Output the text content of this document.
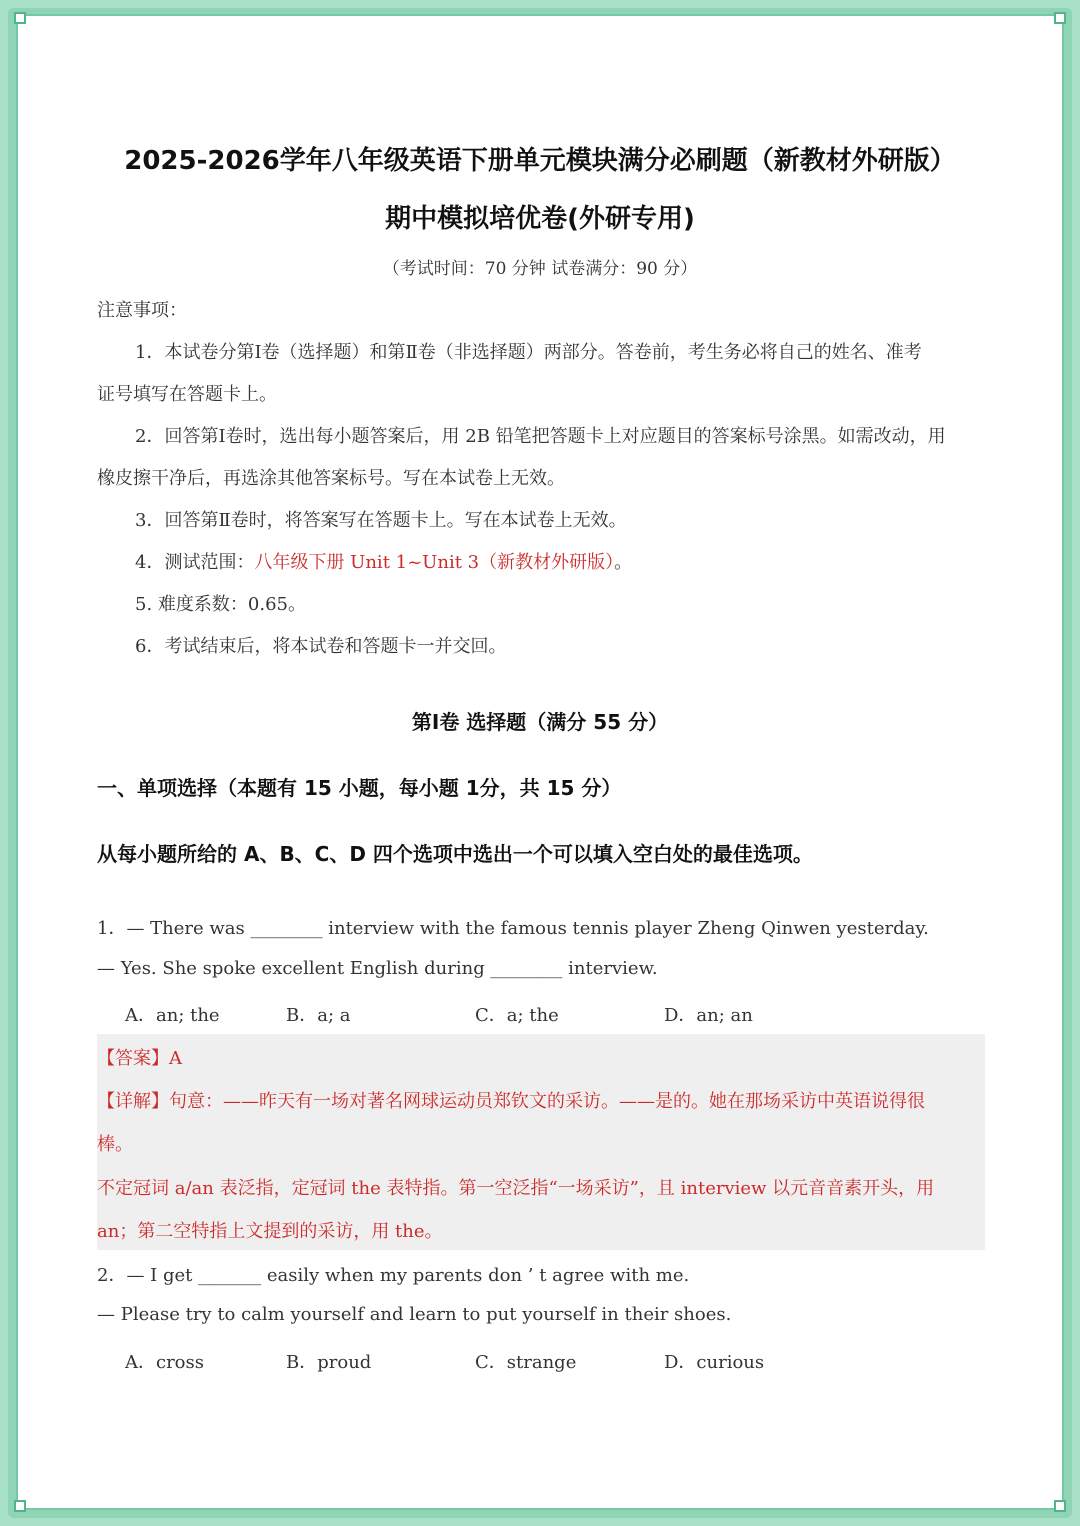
2025-2026学年八年级英语下册单元模块满分必刷题（新教材外研版）
期中模拟培优卷(外研专用)
（考试时间：70 分钟 试卷满分：90 分）
注意事项：
1．本试卷分第Ⅰ卷（选择题）和第Ⅱ卷（非选择题）两部分。答卷前，考生务必将自己的姓名、准考
证号填写在答题卡上。
2．回答第Ⅰ卷时，选出每小题答案后，用 2B 铅笔把答题卡上对应题目的答案标号涂黑。如需改动，用
橡皮擦干净后，再选涂其他答案标号。写在本试卷上无效。
3．回答第Ⅱ卷时，将答案写在答题卡上。写在本试卷上无效。
4．测试范围：八年级下册 Unit 1~Unit 3（新教材外研版）。
5. 难度系数：0.65。
6．考试结束后，将本试卷和答题卡一并交回。
第Ⅰ卷 选择题（满分 55 分）
一、单项选择（本题有 15 小题，每小题 1分，共 15 分）
从每小题所给的 A、B、C、D 四个选项中选出一个可以填入空白处的最佳选项。
1．— There was ________ interview with the famous tennis player Zheng Qinwen yesterday.
— Yes. She spoke excellent English during ________ interview.
A．an; the	B．a; a	C．a; the	D．an; an
【答案】A
【详解】句意：——昨天有一场对著名网球运动员郑钦文的采访。——是的。她在那场采访中英语说得很
棒。
不定冠词 a/an 表泛指，定冠词 the 表特指。第一空泛指“一场采访”，且 interview 以元音音素开头，用
an；第二空特指上文提到的采访，用 the。
2．— I get _______ easily when my parents don ’ t agree with me.
— Please try to calm yourself and learn to put yourself in their shoes.
A．cross	B．proud	C．strange	D．curious
